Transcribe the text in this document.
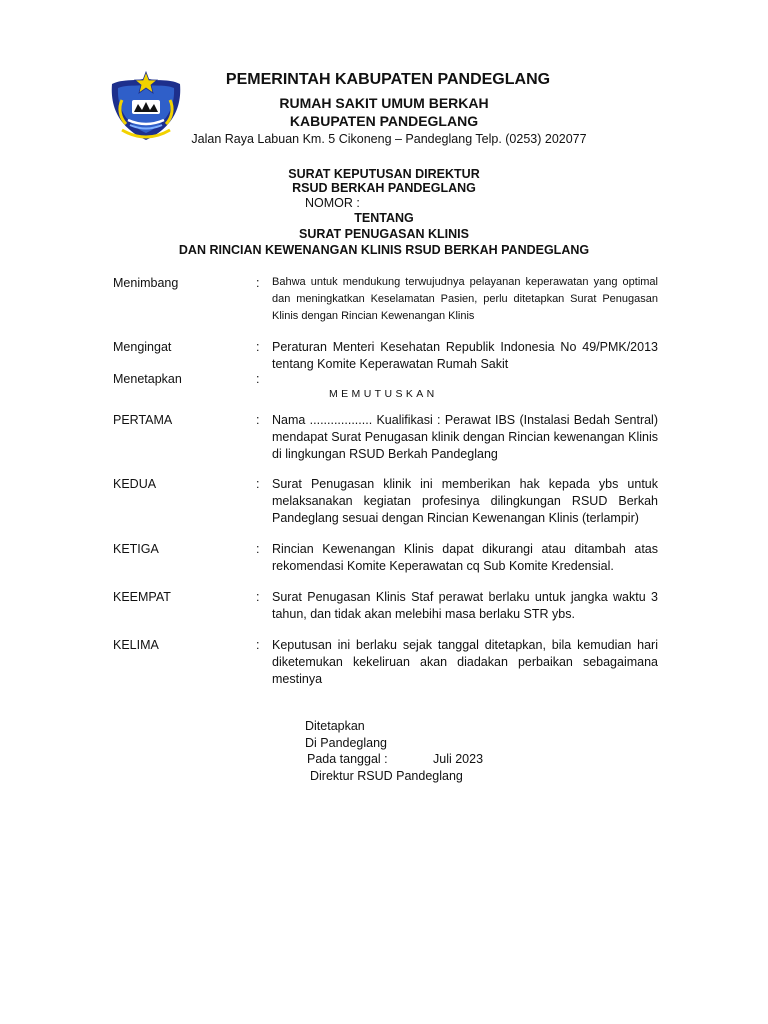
PEMERINTAH KABUPATEN PANDEGLANG
RUMAH SAKIT UMUM BERKAH
KABUPATEN PANDEGLANG
Jalan Raya Labuan Km. 5 Cikoneng – Pandeglang Telp. (0253) 202077
SURAT KEPUTUSAN DIREKTUR
RSUD BERKAH PANDEGLANG
NOMOR :
TENTANG
SURAT PENUGASAN KLINIS
DAN RINCIAN KEWENANGAN KLINIS RSUD BERKAH PANDEGLANG
Menimbang	: Bahwa untuk mendukung terwujudnya pelayanan keperawatan yang optimal dan meningkatkan Keselamatan Pasien, perlu ditetapkan Surat Penugasan Klinis dengan Rincian Kewenangan Klinis
Mengingat	: Peraturan Menteri Kesehatan Republik Indonesia No 49/PMK/2013 tentang Komite Keperawatan Rumah Sakit
Menetapkan	:
MEMUTUSKAN
PERTAMA	: Nama .................. Kualifikasi : Perawat IBS (Instalasi Bedah Sentral) mendapat Surat Penugasan klinik dengan Rincian kewenangan Klinis di lingkungan RSUD Berkah Pandeglang
KEDUA	: Surat Penugasan klinik ini memberikan hak kepada ybs untuk melaksanakan kegiatan profesinya dilingkungan RSUD Berkah Pandeglang sesuai dengan Rincian Kewenangan Klinis (terlampir)
KETIGA	: Rincian Kewenangan Klinis dapat dikurangi atau ditambah atas rekomendasi Komite Keperawatan cq Sub Komite Kredensial.
KEEMPAT	: Surat Penugasan Klinis Staf perawat berlaku untuk jangka waktu 3 tahun, dan tidak akan melebihi masa berlaku STR ybs.
KELIMA	: Keputusan ini berlaku sejak tanggal ditetapkan, bila kemudian hari diketemukan kekeliruan akan diadakan perbaikan sebagaimana mestinya
Ditetapkan
Di Pandeglang
Pada tanggal :	Juli 2023
Direktur RSUD Pandeglang
